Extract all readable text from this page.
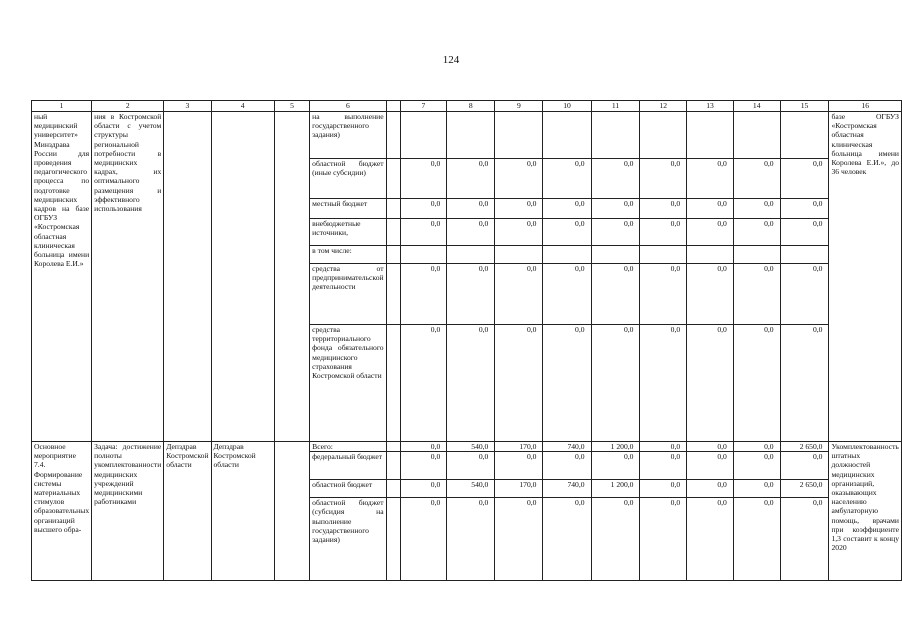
124
1	2	3	4	5	6		7	8	9	10	11	12	13	14	15	16
ный медицинский университет» Минздрава России для проведения педагогического процесса по подготовке медицинских кадров на базе ОГБУЗ «Костромская областная клиническая больница имени Королева Е.И.»	ния в Костромской области с учетом структуры региональной потребности в медицинских кадрах, их оптимального размещения и эффективного использования				на выполнение государственного задания)											базе ОГБУЗ «Костромская областная клиническая больница имени Королева Е.И.», до 36 человек
					областной бюджет (иные субсидии)		0,0	0,0	0,0	0,0	0,0	0,0	0,0	0,0	0,0	
					местный бюджет		0,0	0,0	0,0	0,0	0,0	0,0	0,0	0,0	0,0	
					внебюджетные источники,		0,0	0,0	0,0	0,0	0,0	0,0	0,0	0,0	0,0	
					в том числе:											
					средства от предпринимательской деятельности		0,0	0,0	0,0	0,0	0,0	0,0	0,0	0,0	0,0	
					средства территориального фонда обязательного медицинского страхования Костромской области		0,0	0,0	0,0	0,0	0,0	0,0	0,0	0,0	0,0	
Основное мероприятие 7.4. Формирование системы материальных стимулов образовательных организаций высшего обра-	Задача: достижение полноты укомплектованности медицинских учреждений медицинскими работниками	Депздрав Костромской области	Депздрав Костромской области		Всего:		0,0	540,0	170,0	740,0	1 200,0	0,0	0,0	0,0	2 650,0	Укомплектованность штатных должностей медицинских организаций, оказывающих населению амбулаторную помощь, врачами при коэффициенте 1,3 составит к концу 2020
					федеральный бюджет		0,0	0,0	0,0	0,0	0,0	0,0	0,0	0,0	0,0	
					областной бюджет		0,0	540,0	170,0	740,0	1 200,0	0,0	0,0	0,0	2 650,0	
					областной бюджет (субсидия на выполнение государственного задания)		0,0	0,0	0,0	0,0	0,0	0,0	0,0	0,0	0,0	
